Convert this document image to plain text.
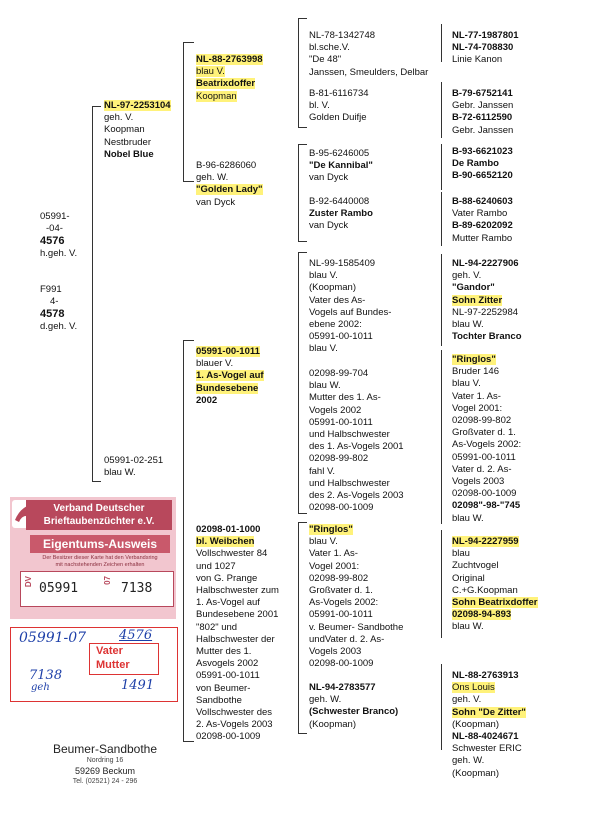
05991-
-04-
4576
h.geh. V.
F991
4-
4578
d.geh. V.
NL-97-2253104
geh. V.
Koopman
Nestbruder
Nobel Blue
05991-02-251
blau W.
NL-88-2763998
blau V.
Beatrixdoffer
Koopman
B-96-6286060
geh. W.
"Golden Lady"
van Dyck
05991-00-1011
blauer V.
1. As-Vogel auf
Bundesebene
2002
02098-01-1000
bl. Weibchen
Vollschwester 84
und 1027
von G. Prange
Halbschwester zum
1. As-Vogel auf
Bundesebene 2001
"802" und
Halbschwester der
Mutter des 1.
Asvogels 2002
05991-00-1011
von Beumer-
Sandbothe
Vollschwester des
2. As-Vogels 2003
02098-00-1009
NL-78-1342748
bl.sche.V.
"De 48"
Janssen, Smeulders, Delbar
B-81-6116734
bl. V.
Golden Duifje
B-95-6246005
"De Kannibal"
van Dyck
B-92-6440008
Zuster Rambo
van Dyck
NL-99-1585409
blau V.
(Koopman)
Vater des As-
Vogels auf Bundes-
ebene 2002:
05991-00-1011
blau V.
02098-99-704
blau W.
Mutter des 1. As-
Vogels 2002
05991-00-1011
und Halbschwester
des 1. As-Vogels 2001
02098-99-802
fahl V.
und Halbschwester
des 2. As-Vogels 2003
02098-00-1009
"Ringlos"
blau V.
Vater 1. As-
Vogel 2001:
02098-99-802
Großvater d. 1.
As-Vogels 2002:
05991-00-1011
v. Beumer- Sandbothe
undVater d. 2. As-
Vogels 2003
02098-00-1009
NL-94-2783577
geh. W.
(Schwester Branco)
(Koopman)
NL-77-1987801
NL-74-708830
Linie Kanon
B-79-6752141
Gebr. Janssen
B-72-6112590
Gebr. Janssen
B-93-6621023
De Rambo
B-90-6652120
B-88-6240603
Vater Rambo
B-89-6202092
Mutter Rambo
NL-94-2227906
geh. V.
"Gandor"
Sohn Zitter
NL-97-2252984
blau W.
Tochter Branco
"Ringlos"
Bruder 146
blau V.
Vater 1. As-
Vogel 2001:
02098-99-802
Großvater d. 1.
As-Vogels 2002:
05991-00-1011
Vater d. 2. As-
Vogels 2003
02098-00-1009
02098"-98-"745
blau W.
NL-94-2227959
blau
Zuchtvogel
Original
C.+G.Koopman
Sohn Beatrixdoffer
02098-94-893
blau W.
NL-88-2763913
Ons Louis
geh. V.
Sohn "De Zitter"
(Koopman)
NL-88-4024671
Schwester ERIC
geh. W.
(Koopman)
Verband Deutscher
Brieftaubenzüchter e.V.
Eigentums-Ausweis
Der Besitzer dieser Karte hat den Verbandsring
mit nachstehenden Zeichen erhalten
DV 05991
07
7138
05991-07	4576
Vater
Mutter
7138
geh	1491
Beumer-Sandbothe
Nordring 16
59269 Beckum
Tel. (02521) 24 - 296
